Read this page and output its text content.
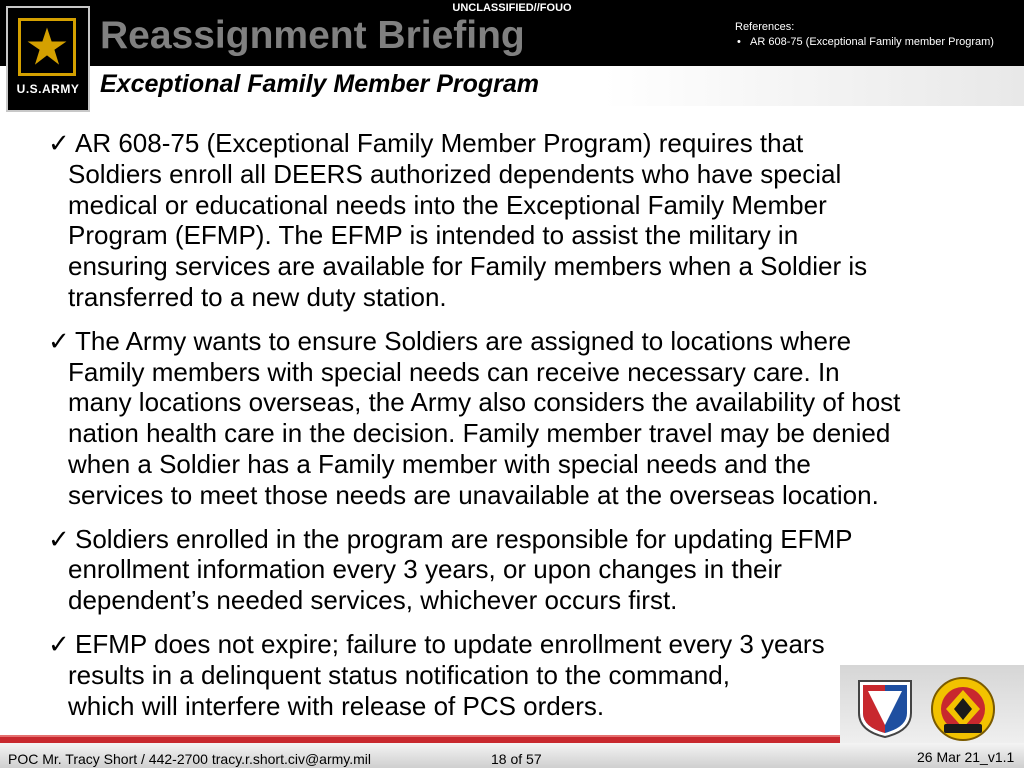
UNCLASSIFIED//FOUO
U.S.ARMY
Reassignment Briefing	References:
•   AR 608-75 (Exceptional Family member Program)
Exceptional Family Member Program
✓ AR 608-75 (Exceptional Family Member Program) requires that
Soldiers enroll all DEERS authorized dependents who have special
medical or educational needs into the Exceptional Family Member
Program (EFMP). The EFMP is intended to assist the military in
ensuring services are available for Family members when a Soldier is
transferred to a new duty station.
✓ The Army wants to ensure Soldiers are assigned to locations where
Family members with special needs can receive necessary care. In
many locations overseas, the Army also considers the availability of host
nation health care in the decision. Family member travel may be denied
when a Soldier has a Family member with special needs and the
services to meet those needs are unavailable at the overseas location.
✓ Soldiers enrolled in the program are responsible for updating EFMP
enrollment information every 3 years, or upon changes in their
dependent’s needed services, whichever occurs first.
✓ EFMP does not expire; failure to update enrollment every 3 years
results in a delinquent status notification to the command,
which will interfere with release of PCS orders.
POC Mr. Tracy Short / 442-2700 tracy.r.short.civ@army.mil	18 of 57	26 Mar 21_v1.1
